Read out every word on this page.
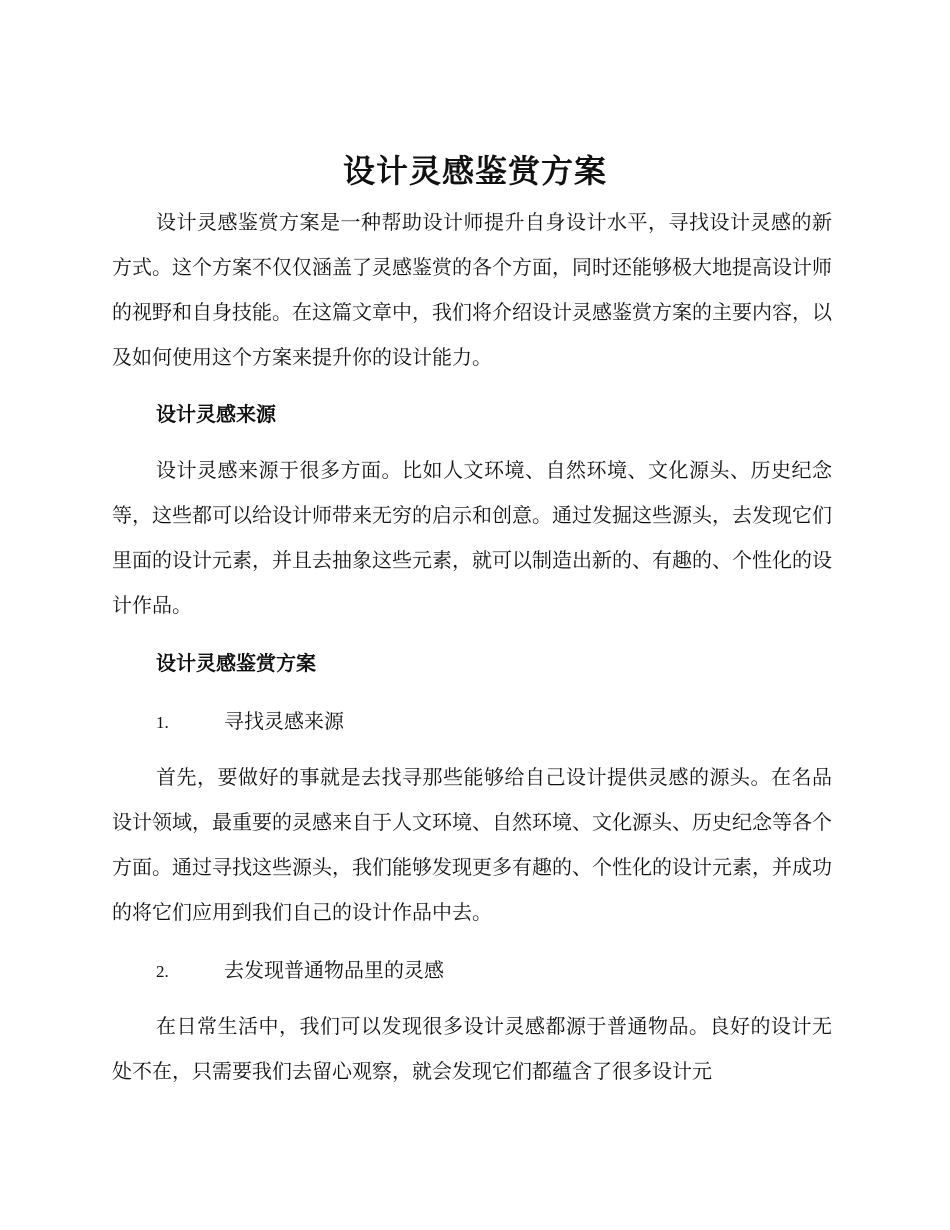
设计灵感鉴赏方案

设计灵感鉴赏方案是一种帮助设计师提升自身设计水平，寻找设计灵感的新方式。这个方案不仅仅涵盖了灵感鉴赏的各个方面，同时还能够极大地提高设计师的视野和自身技能。在这篇文章中，我们将介绍设计灵感鉴赏方案的主要内容，以及如何使用这个方案来提升你的设计能力。

设计灵感来源

设计灵感来源于很多方面。比如人文环境、自然环境、文化源头、历史纪念等，这些都可以给设计师带来无穷的启示和创意。通过发掘这些源头，去发现它们里面的设计元素，并且去抽象这些元素，就可以制造出新的、有趣的、个性化的设计作品。

设计灵感鉴赏方案
1.	寻找灵感来源

首先，要做好的事就是去找寻那些能够给自己设计提供灵感的源头。在名品设计领域，最重要的灵感来自于人文环境、自然环境、文化源头、历史纪念等各个方面。通过寻找这些源头，我们能够发现更多有趣的、个性化的设计元素，并成功的将它们应用到我们自己的设计作品中去。

2.	去发现普通物品里的灵感

在日常生活中，我们可以发现很多设计灵感都源于普通物品。良好的设计无处不在，只需要我们去留心观察，就会发现它们都蕴含了很多设计元
